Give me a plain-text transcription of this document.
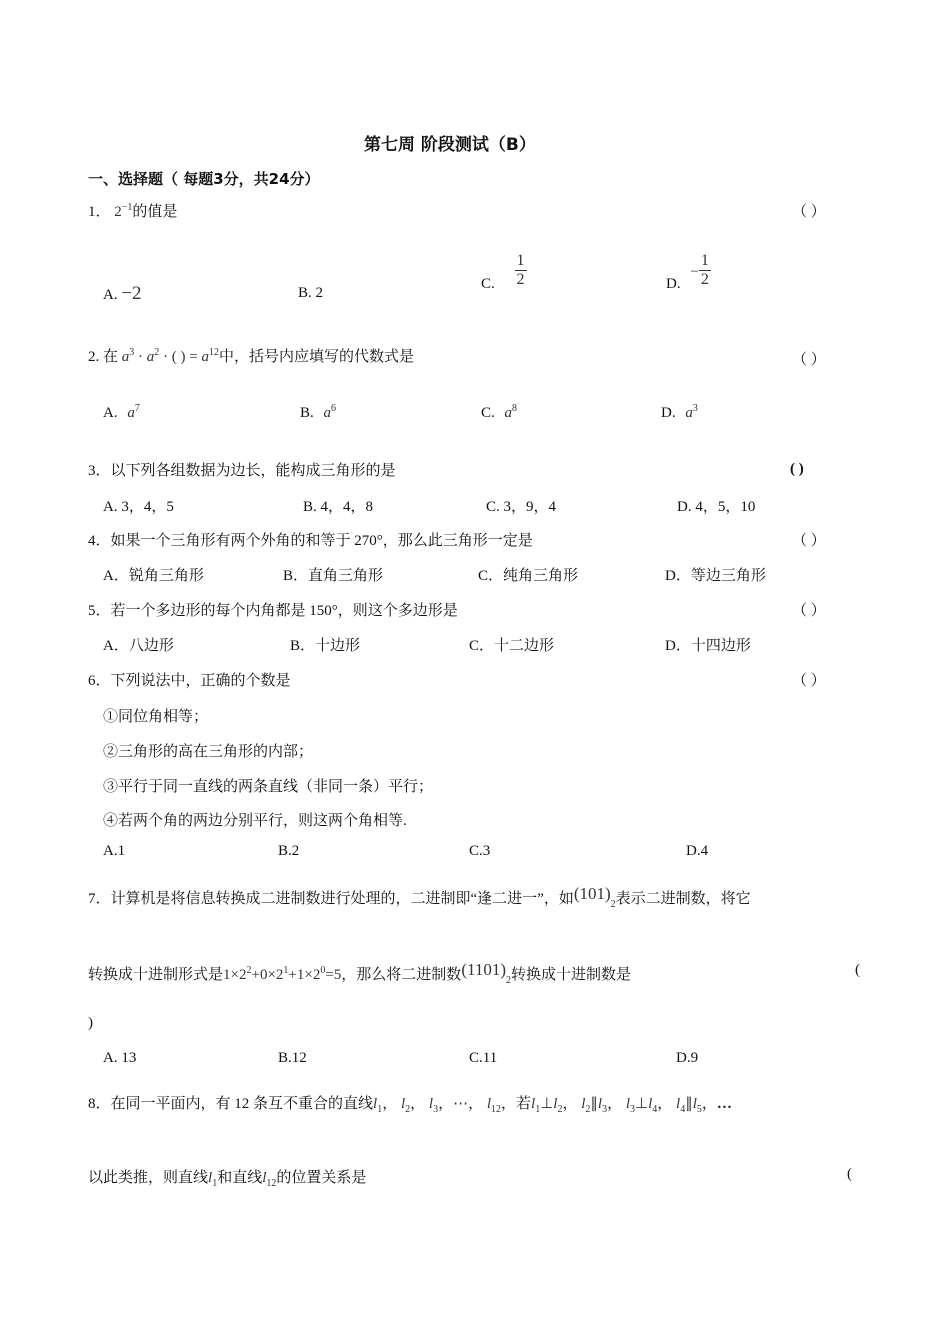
第七周 阶段测试（B）
一、选择题（ 每题3分，共24分）
1． $2^{-1}$的值是	（ ）
A. −2	B. 2
C. $\frac{1}{2}$	D. − $\frac{1}{2}$
2. 在 $a^3 \cdot a^2$ · ( ) = $a^{12}$中，括号内应填写的代数式是	（ ）
A. $a^7$	B. $a^6$	C. $a^8$	D. $a^3$
3．以下列各组数据为边长，能构成三角形的是	( )
A. 3，4，5	B. 4，4，8	C. 3，9，4	D. 4，5，10
4．如果一个三角形有两个外角的和等于 270°，那么此三角形一定是	（ ）
A．锐角三角形	B．直角三角形	C．纯角三角形	D．等边三角形
5．若一个多边形的每个内角都是 150°，则这个多边形是	（ ）
A．八边形	B．十边形	C．十二边形	D．十四边形
6．下列说法中，正确的个数是	（ ）
①同位角相等；
②三角形的高在三角形的内部；
③平行于同一直线的两条直线（非同一条）平行；
④若两个角的两边分别平行，则这两个角相等.
A.1	B.2	C.3	D.4
7．计算机是将信息转换成二进制数进行处理的，二进制即“逢二进一”，如$(101)_2$表示二进制数，将它
转换成十进制形式是$1\times 2^2+0\times 2^1+1\times 2^0=5$，那么将二进制数$(1101)_2$转换成十进制数是	(
)
A. 13	B.12	C.11	D.9
8．在同一平面内，有 12 条互不重合的直线$l_1$， $l_2$， $l_3$，⋯， $l_{12}$，若$l_1\perp l_2$， $l_2\parallel l_3$， $l_3\perp l_4$， $l_4\parallel l_5$，…
以此类推，则直线$l_1$和直线$l_{12}$的位置关系是	(
